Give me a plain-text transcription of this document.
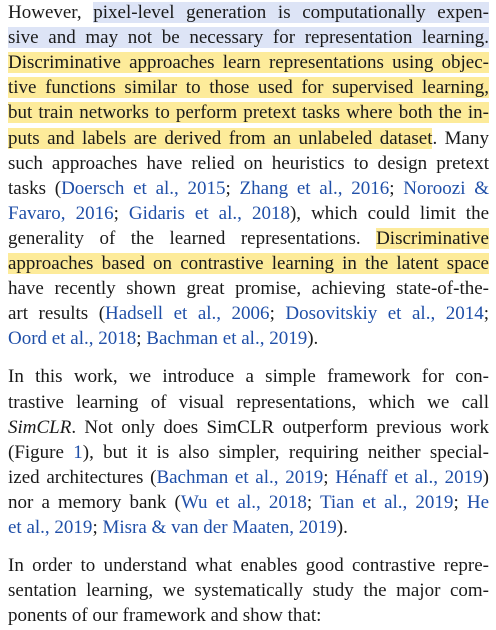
However, pixel-level generation is computationally expen-
sive and may not be necessary for representation learning.
Discriminative approaches learn representations using objec-
tive functions similar to those used for supervised learning,
but train networks to perform pretext tasks where both the in-
puts and labels are derived from an unlabeled dataset. Many
such approaches have relied on heuristics to design pretext
tasks (Doersch et al., 2015; Zhang et al., 2016; Noroozi &
Favaro, 2016; Gidaris et al., 2018), which could limit the
generality of the learned representations. Discriminative
approaches based on contrastive learning in the latent space
have recently shown great promise, achieving state-of-the-
art results (Hadsell et al., 2006; Dosovitskiy et al., 2014;
Oord et al., 2018; Bachman et al., 2019).
In this work, we introduce a simple framework for con-
trastive learning of visual representations, which we call
SimCLR. Not only does SimCLR outperform previous work
(Figure 1), but it is also simpler, requiring neither special-
ized architectures (Bachman et al., 2019; Hénaff et al., 2019)
nor a memory bank (Wu et al., 2018; Tian et al., 2019; He
et al., 2019; Misra & van der Maaten, 2019).
In order to understand what enables good contrastive repre-
sentation learning, we systematically study the major com-
ponents of our framework and show that:
